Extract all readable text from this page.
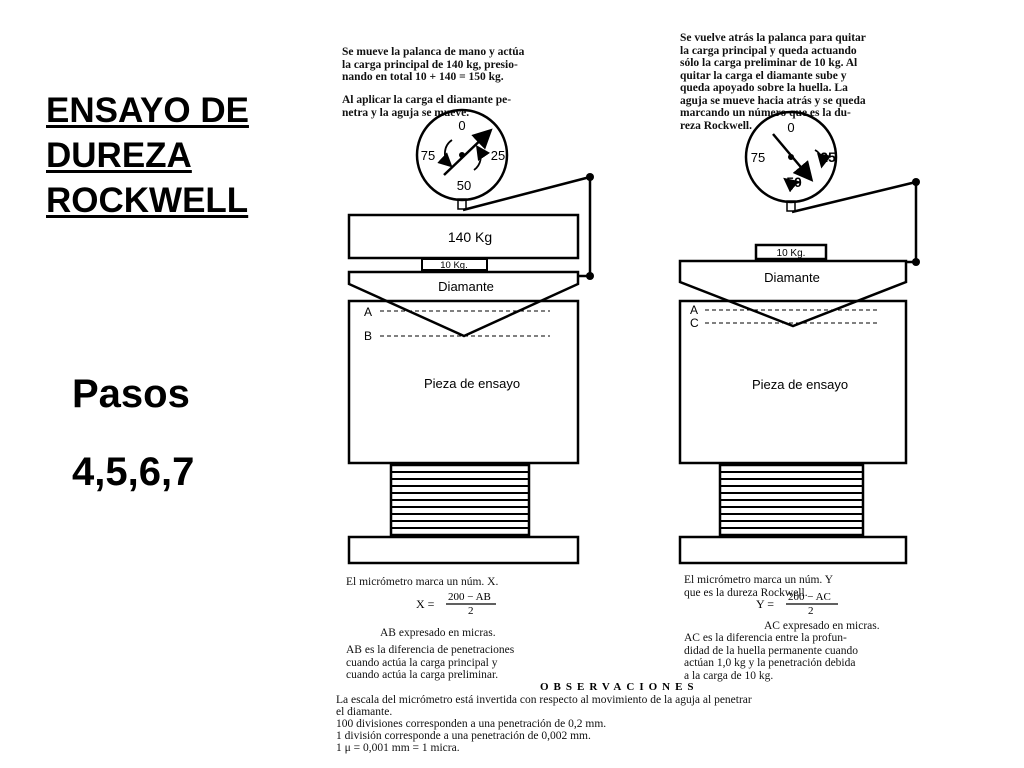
ENSAYO DE
DUREZA
ROCKWELL
Pasos
4,5,6,7
Se mueve la palanca de mano y actúa
la carga principal de 140 kg, presio-
nando en total 10 + 140 = 150 kg.
Al aplicar la carga el diamante pe-
netra y la aguja se mueve.
Se vuelve atrás la palanca para quitar
la carga principal y queda actuando
sólo la carga preliminar de 10 kg. Al
quitar la carga el diamante sube y
queda apoyado sobre la huella. La
aguja se mueve hacia atrás y se queda
marcando un número que es la du-
reza Rockwell.
0
75	25
50
140 Kg
10 Kg.
Diamante
A
B
Pieza de ensayo
0
75	25
50
10 Kg.
Diamante
A
C
Pieza de ensayo
El micrómetro marca un núm. X.
X = 200 − AB
2
AB expresado en micras.
AB es la diferencia de penetraciones
cuando actúa la carga principal y
cuando actúa la carga preliminar.
El micrómetro marca un núm. Y
que es la dureza Rockwell.
Y = 200 − AC
2
AC expresado en micras.
AC es la diferencia entre la profun-
didad de la huella permanente cuando
actúan 1,0 kg y la penetración debida
a la carga de 10 kg.
OBSERVACIONES
La escala del micrómetro está invertida con respecto al movimiento de la aguja al penetrar
el diamante.
100 divisiones corresponden a una penetración de 0,2 mm.
1 división corresponde a una penetración de 0,002 mm.
1 μ = 0,001 mm = 1 micra.
